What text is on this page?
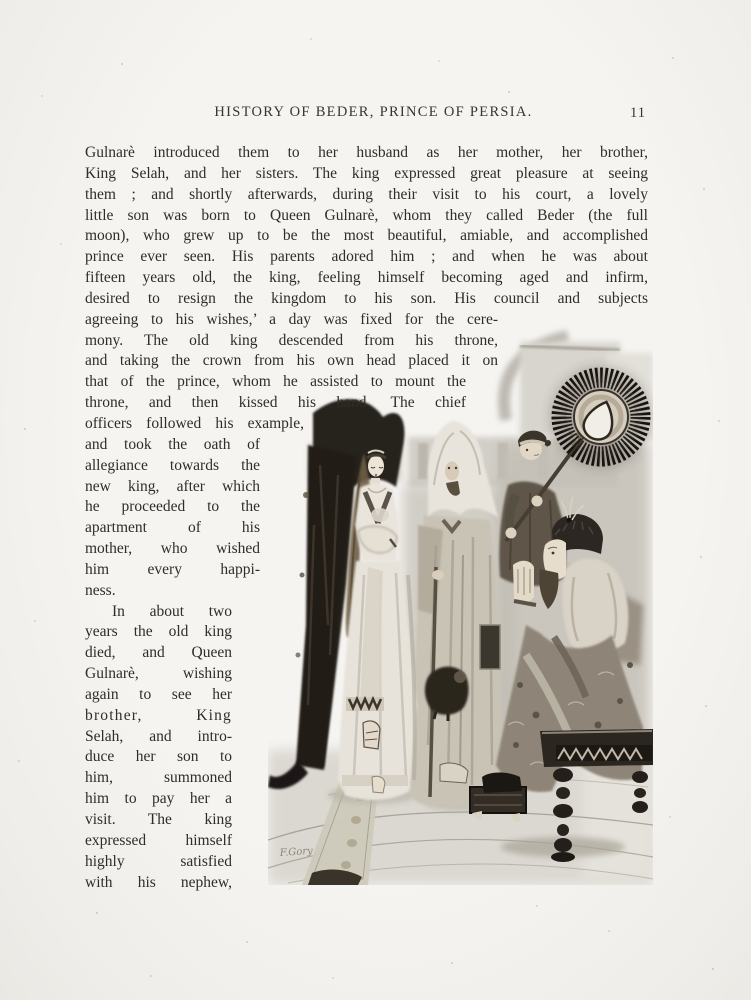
HISTORY OF BEDER, PRINCE OF PERSIA.	11
Gulnarè introduced them to her husband as her mother, her brother,
King Selah, and her sisters. The king expressed great pleasure at seeing
them ; and shortly afterwards, during their visit to his court, a lovely
little son was born to Queen Gulnarè, whom they called Beder (the full
moon), who grew up to be the most beautiful, amiable, and accomplished
prince ever seen. His parents adored him ; and when he was about
fifteen years old, the king, feeling himself becoming aged and infirm,
desired to resign the kingdom to his son. His council and subjects
agreeing to his wishes,’ a day was fixed for the cere-
mony. The old king descended from his throne,
and taking the crown from his own head placed it on
that of the prince, whom he assisted to mount the
throne, and then kissed his hand. The chief
officers followed his example,
and took the oath of
allegiance towards the
new king, after which
he proceeded to the
apartment of his
mother, who wished
him every happi-
ness.
In about two
years the old king
died, and Queen
Gulnarè, wishing
again to see her
brother, King
Selah, and intro-
duce her son to
him, summoned
him to pay her a
visit. The king
expressed himself
highly satisfied
with his nephew,
F.Gory
